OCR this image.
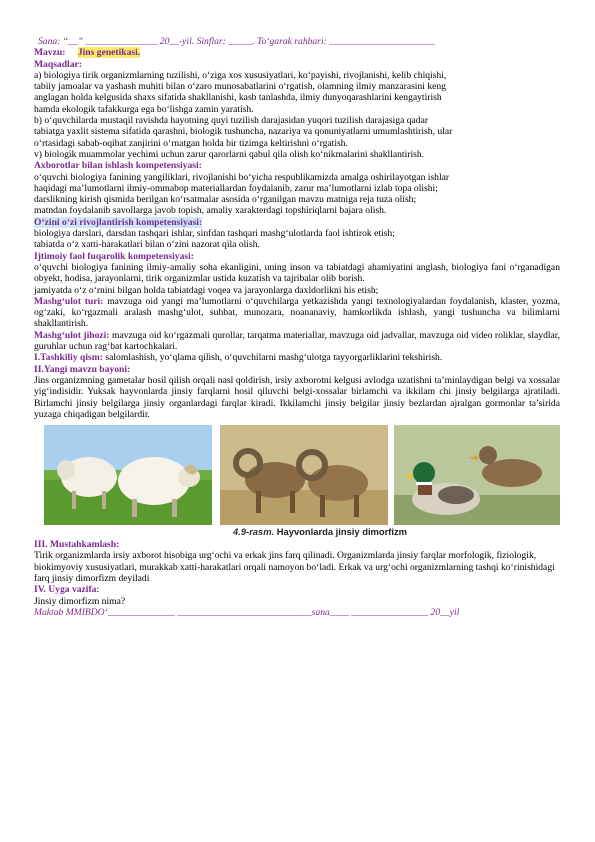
Sana: “__” _______________ 20__-yil. Sinflar: _____. To‘garak rahbari: ______________________
Mavzu: Jins genetikasi.
Maqsadlar:
a) biologiya tirik organizmlarning tuzilishi, o‘ziga xos xususiyatlari, ko‘payishi, rivojlanishi, kelib chiqishi,
tabiiy jamoalar va yashash muhiti bilan o‘zaro munosabatlarini o‘rgatish, olamning ilmiy manzarasini keng
anglagan holda kelgusida shaxs sifatida shakllanishi, kasb tanlashda, ilmiy dunyoqarashlarini kengaytirish
hamda ekologik tafakkurga ega bo‘lishga zamin yaratish.
b) o‘quvchilarda mustaqil ravishda hayotning quyi tuzilish darajasidan yuqori tuzilish darajasiga qadar
tabiatga yaxlit sistema sifatida qarashni, biologik tushuncha, nazariya va qonuniyatlarni umumlashtirish, ular
o‘rtasidagi sabab-oqibat zanjirini o‘rnatgan holda bir tizimga keltirishni o‘rgatish.
v) biologik muammolar yechimi uchun zarur qarorlarni qabul qila olish ko‘nikmalarini shakllantirish.
Axborotlar bilan ishlash kompetensiyasi:
o‘quvchi biologiya fanining yangiliklari, rivojlanishi bo‘yicha respublikamizda amalga oshirilayotgan ishlar
haqidagi ma’lumotlarni ilmiy-ommabop materiallardan foydalanib, zarur ma’lumotlarni izlab topa olishi;
darslikning kirish qismida berilgan ko‘rsatmalar asosida o‘rganilgan mavzu matniga reja tuza olish;
matndan foydalanib savollarga javob topish, amaliy xarakterdagi topshiriqlarni bajara olish.
O‘zini o‘zi rivojlantirish kompetensiyasi:
biologiya darslari, darsdan tashqari ishlar, sinfdan tashqari mashg‘ulotlarda faol ishtirok etish;
tabiatda o‘z xatti-harakatlari bilan o‘zini nazorat qila olish.
Ijtimoiy faol fuqarolik kompetensiyasi:
o‘quvchi biologiya fanining ilmiy-amaliy soha ekanligini, uning inson va tabiatdagi ahamiyatini anglash, biologiya fani o‘rganadigan obyekt, hodisa, jarayonlarni, tirik organizmlar ustida kuzatish va tajribalar olib borish.
jamiyatda o‘z o‘rnini bilgan holda tabiatdagi voqea va jarayonlarga daxldorlikni his etish;
Mashg‘ulot turi: mavzuga oid yangi ma’lumotlarni o‘quvchilarga yetkazishda yangi texnologiyalardan foydalanish, klaster, yozma, og‘zaki, ko‘rgazmali aralash mashg‘ulot, suhbat, munozara, noananaviy, hamkorlikda ishlash, yangi tushuncha va bilimlarni shakllantirish.
Mashg‘ulot jihozi: mavzuga oid ko‘rgazmali qurollar, tarqatma materiallar, mavzuga oid jadvallar, mavzuga oid video roliklar, slaydlar, guruhlar uchun rag‘bat kartochkalari.
I.Tashkiliy qism: salomlashish, yo‘qlama qilish, o‘quvchilarni mashg‘ulotga tayyorgarliklarini tekshirish.
II.Yangi mavzu bayoni:
Jins organizmning gametalar hosil qilish orqali nasl qoldirish, irsiy axborotni kelgusi avlodga uzatishni ta’minlaydigan belgi va xossalar yig‘indisidir. Yuksak hayvonlarda jinsiy farqlarni hosil qiluvchi belgi-xossalar birlamchi va ikkilam chi jinsiy belgilarga ajratiladi. Birlamchi jinsiy belgilarga jinsiy organlardagi farqlar kiradi. Ikkilamchi jinsiy belgilar jinsiy bezlardan ajralgan gormonlar ta’sirida yuzaga chiqadigan belgilardir.
4.9-rasm. Hayvonlarda jinsiy dimorfizm
III. Mustahkamlash:
Tirik organizmlarda irsiy axborot hisobiga urg‘ochi va erkak jins farq qilinadi. Organizmlarda jinsiy farqlar morfologik, fiziologik, biokimyoviy xususiyatlari, murakkab xatti-harakatlari orqali namoyon bo‘ladi. Erkak va urg‘ochi organizmlarning tashqi ko‘rinishidagi farq jinsiy dimorfizm deyiladi
IV. Uyga vazifa:
Jinsiy dimorfizm nima?
Maktab MMIBDO‘______________ ____________________________sana____ ________________ 20__yil
